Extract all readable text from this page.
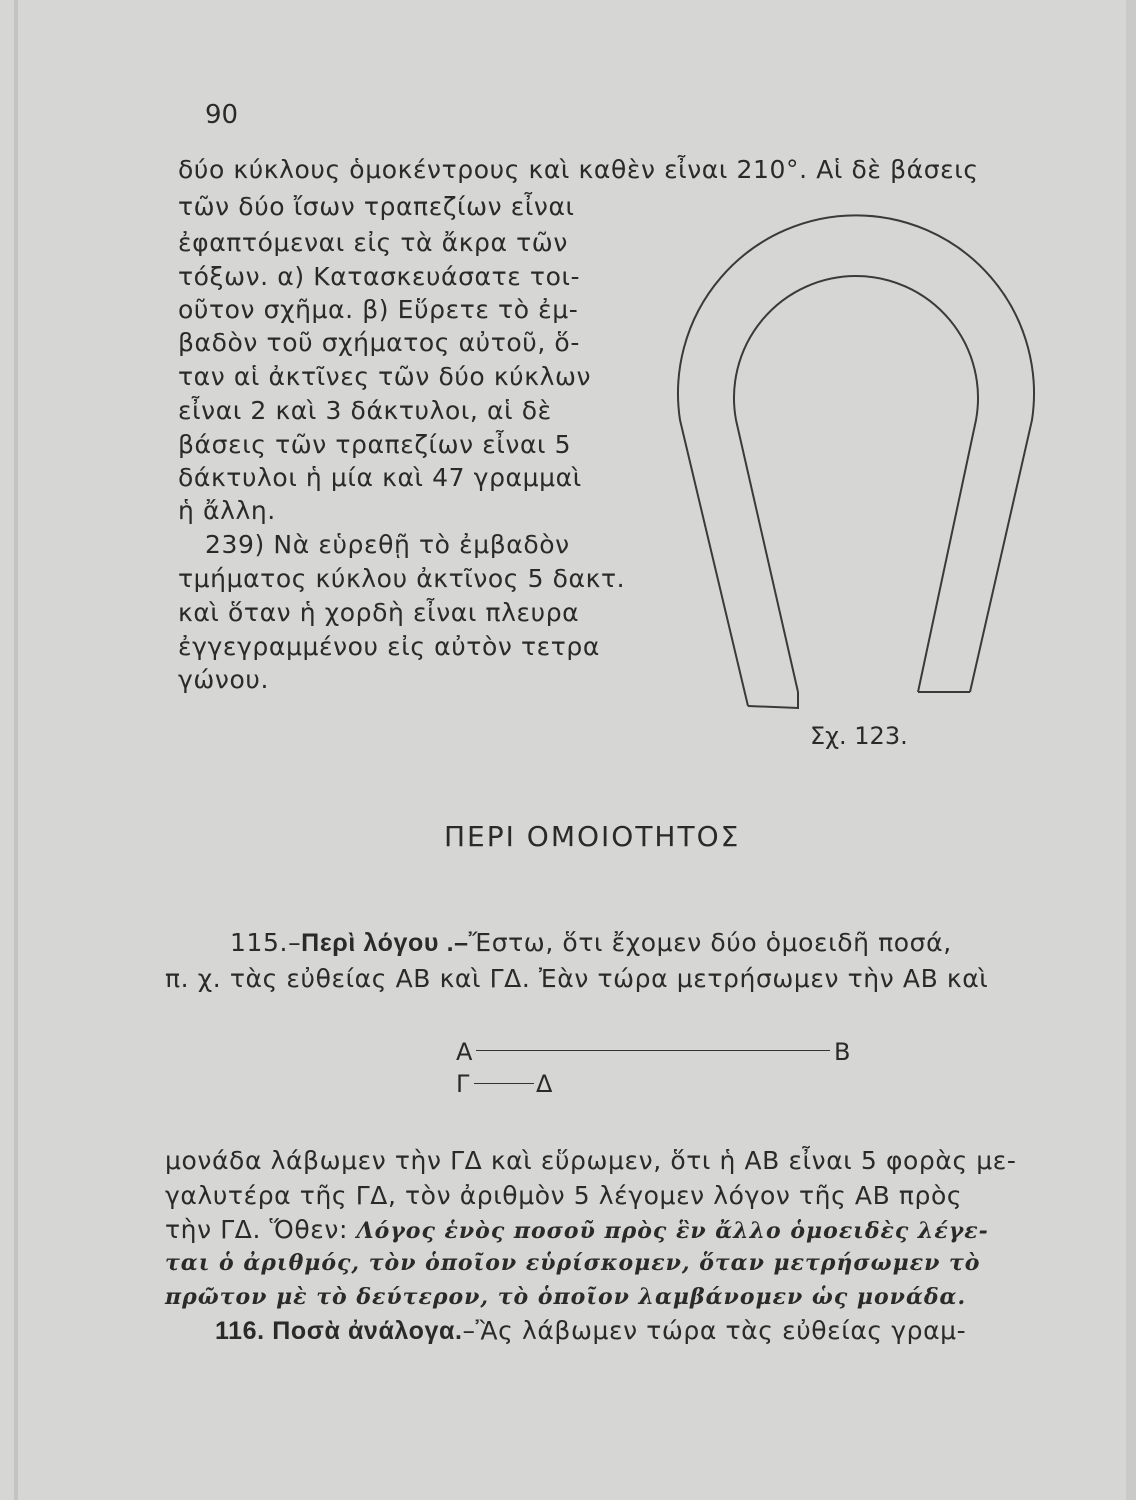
90
δύο κύκλους ὁμοκέντρους καὶ καθὲν εἶναι 210°. Αἱ δὲ βάσεις
τῶν δύο ἴσων τραπεζίων εἶναι
ἐφαπτόμεναι εἰς τὰ ἄκρα τῶν
τόξων. α) Κατασκευάσατε τοι-
οῦτον σχῆμα. β) Εὕρετε τὸ ἐμ-
βαδὸν τοῦ σχήματος αὐτοῦ, ὅ-
ταν αἱ ἀκτῖνες τῶν δύο κύκλων
εἶναι 2 καὶ 3 δάκτυλοι, αἱ δὲ
βάσεις τῶν τραπεζίων εἶναι 5
δάκτυλοι ἡ μία καὶ 47 γραμμαὶ
ἡ ἄλλη.
239) Νὰ εὑρεθῇ τὸ ἐμβαδὸν
τμήματος κύκλου ἀκτῖνος 5 δακτ.
καὶ ὅταν ἡ χορδὴ εἶναι πλευρα
ἐγγεγραμμένου εἰς αὐτὸν τετρα
γώνου.
Σχ. 123.
ΠΕΡΙ ΟΜΟΙΟΤΗΤΟΣ
115.–Περὶ λόγου .–Ἔστω, ὅτι ἔχομεν δύο ὁμοειδῆ ποσά,
π. χ. τὰς εὐθείας ΑΒ καὶ ΓΔ. Ἐὰν τώρα μετρήσωμεν τὴν ΑΒ καὶ
Α	Β
Γ	Δ
μονάδα λάβωμεν τὴν ΓΔ καὶ εὕρωμεν, ὅτι ἡ ΑΒ εἶναι 5 φορὰς με-
γαλυτέρα τῆς ΓΔ, τὸν ἀριθμὸν 5 λέγομεν λόγον τῆς ΑΒ πρὸς
τὴν ΓΔ. Ὅθεν: Λόγος ἑνὸς ποσοῦ πρὸς ἓν ἄλλο ὁμοειδὲς λέγε-
ται ὁ ἀριθμός, τὸν ὁποῖον εὑρίσκομεν, ὅταν μετρήσωμεν τὸ
πρῶτον μὲ τὸ δεύτερον, τὸ ὁποῖον λαμβάνομεν ὡς μονάδα.
116. Ποσὰ ἀνάλογα.–Ἂς λάβωμεν τώρα τὰς εὐθείας γραμ-
